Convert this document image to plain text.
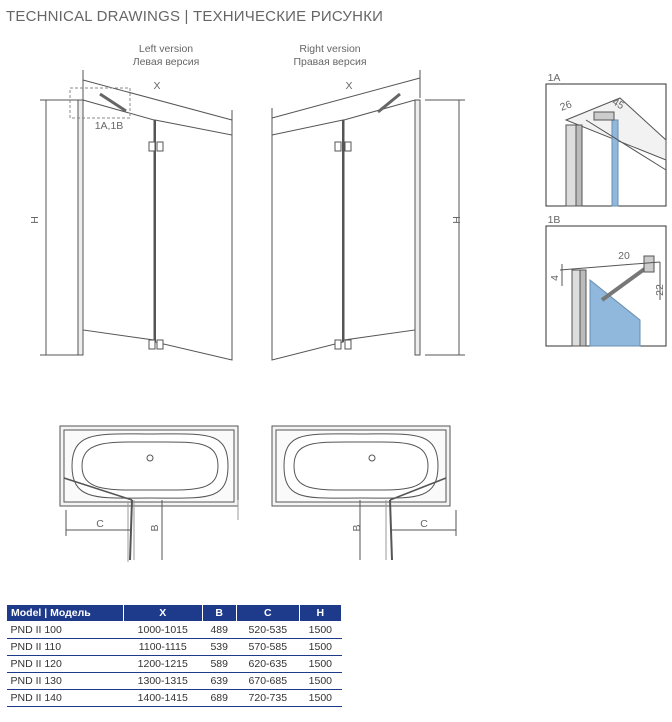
TECHNICAL DRAWINGS | ТЕХНИЧЕСКИЕ РИСУНКИ
Left version
Левая версия
Right version
Правая версия
X
H
1A,1B
X
H
C	B	C
B
1A
26	45
1B
20
4
22
Model | Модель	X	B	C	H
PND II 100	1000-1015	489	520-535	1500
PND II 110	1100-1115	539	570-585	1500
PND II 120	1200-1215	589	620-635	1500
PND II 130	1300-1315	639	670-685	1500
PND II 140	1400-1415	689	720-735	1500
